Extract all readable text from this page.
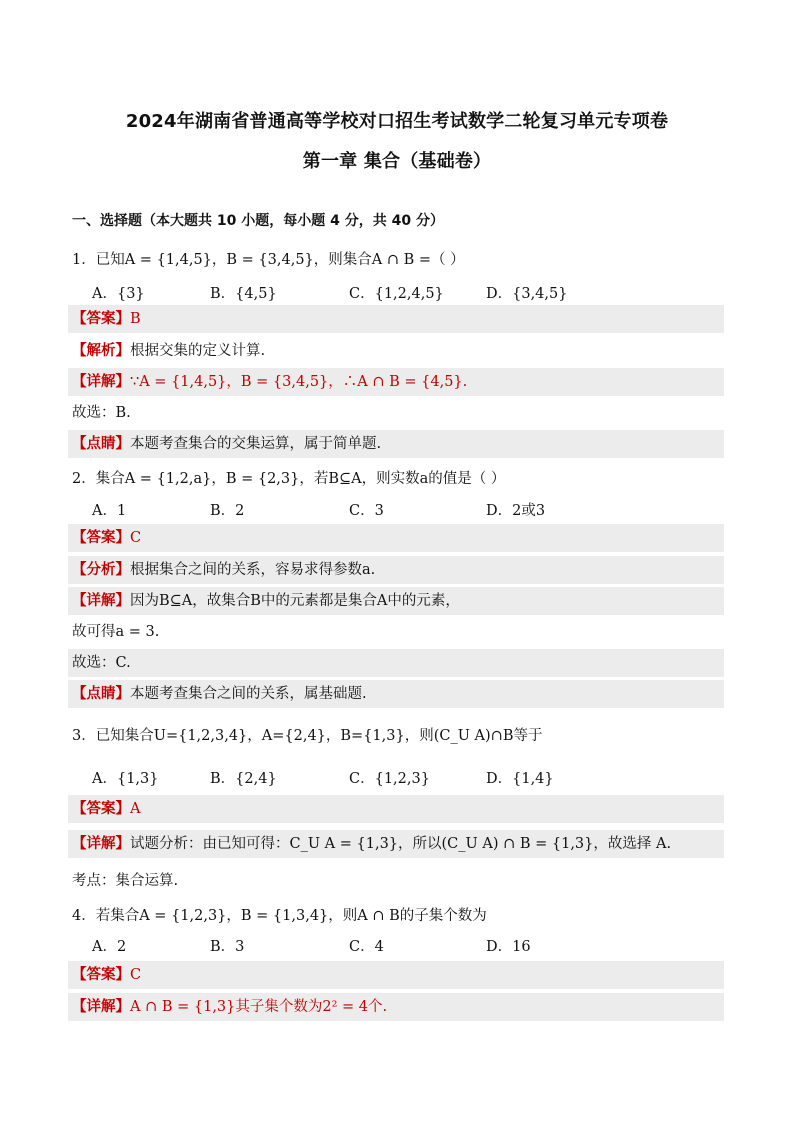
2024年湖南省普通高等学校对口招生考试数学二轮复习单元专项卷
第一章 集合（基础卷）
一、选择题（本大题共 10 小题，每小题 4 分，共 40 分）
1．已知A = {1,4,5}，B = {3,4,5}，则集合A ∩ B =（ ）
A．{3}	B．{4,5}	C．{1,2,4,5}	D．{3,4,5}
【答案】B
【解析】根据交集的定义计算.
【详解】∵A = {1,4,5}，B = {3,4,5}，∴A ∩ B = {4,5}.
故选：B.
【点睛】本题考查集合的交集运算，属于简单题.
2．集合A = {1,2,a}，B = {2,3}，若B⊆A，则实数a的值是（ ）
A．1	B．2	C．3	D．2或3
【答案】C
【分析】根据集合之间的关系，容易求得参数a.
【详解】因为B⊆A，故集合B中的元素都是集合A中的元素，
故可得a = 3.
故选：C.
【点睛】本题考查集合之间的关系，属基础题.
3．已知集合U={1,2,3,4}，A={2,4}，B={1,3}，则(C_U A)∩B等于
A．{1,3}	B．{2,4}	C．{1,2,3}	D．{1,4}
【答案】A
【详解】试题分析：由已知可得：C_U A = {1,3}，所以(C_U A) ∩ B = {1,3}，故选择 A.
考点：集合运算.
4．若集合A = {1,2,3}，B = {1,3,4}，则A ∩ B的子集个数为
A．2	B．3	C．4	D．16
【答案】C
【详解】A ∩ B = {1,3}其子集个数为2² = 4个.
